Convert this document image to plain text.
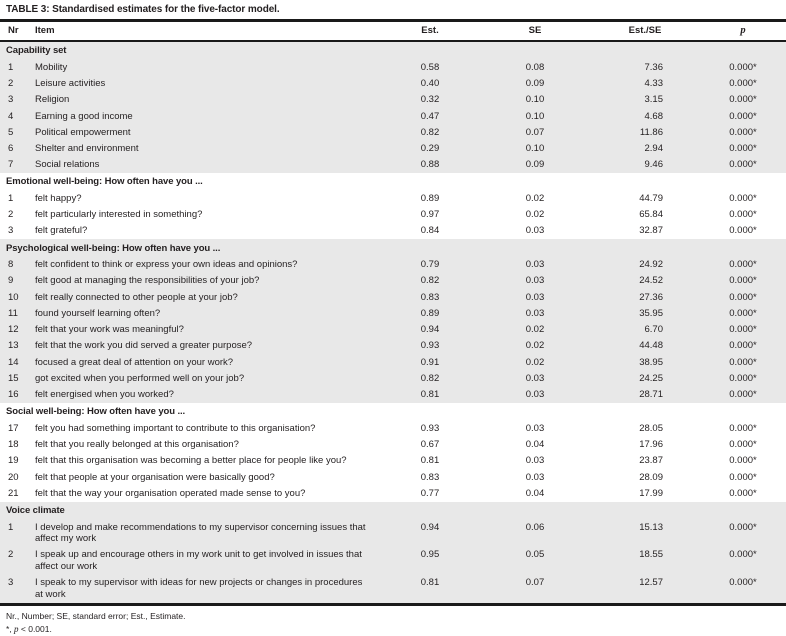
TABLE 3: Standardised estimates for the five-factor model.
Nr	Item	Est.	SE	Est./SE	p
Capability set					
1	Mobility	0.58	0.08	7.36	0.000*
2	Leisure activities	0.40	0.09	4.33	0.000*
3	Religion	0.32	0.10	3.15	0.000*
4	Earning a good income	0.47	0.10	4.68	0.000*
5	Political empowerment	0.82	0.07	11.86	0.000*
6	Shelter and environment	0.29	0.10	2.94	0.000*
7	Social relations	0.88	0.09	9.46	0.000*
Emotional well-being: How often have you ...					
1	felt happy?	0.89	0.02	44.79	0.000*
2	felt particularly interested in something?	0.97	0.02	65.84	0.000*
3	felt grateful?	0.84	0.03	32.87	0.000*
Psychological well-being: How often have you ...					
8	felt confident to think or express your own ideas and opinions?	0.79	0.03	24.92	0.000*
9	felt good at managing the responsibilities of your job?	0.82	0.03	24.52	0.000*
10	felt really connected to other people at your job?	0.83	0.03	27.36	0.000*
11	found yourself learning often?	0.89	0.03	35.95	0.000*
12	felt that your work was meaningful?	0.94	0.02	6.70	0.000*
13	felt that the work you did served a greater purpose?	0.93	0.02	44.48	0.000*
14	focused a great deal of attention on your work?	0.91	0.02	38.95	0.000*
15	got excited when you performed well on your job?	0.82	0.03	24.25	0.000*
16	felt energised when you worked?	0.81	0.03	28.71	0.000*
Social well-being: How often have you ...					
17	felt you had something important to contribute to this organisation?	0.93	0.03	28.05	0.000*
18	felt that you really belonged at this organisation?	0.67	0.04	17.96	0.000*
19	felt that this organisation was becoming a better place for people like you?	0.81	0.03	23.87	0.000*
20	felt that people at your organisation were basically good?	0.83	0.03	28.09	0.000*
21	felt that the way your organisation operated made sense to you?	0.77	0.04	17.99	0.000*
Voice climate					
1	I develop and make recommendations to my supervisor concerning issues that affect my work	0.94	0.06	15.13	0.000*
2	I speak up and encourage others in my work unit to get involved in issues that affect our work	0.95	0.05	18.55	0.000*
3	I speak to my supervisor with ideas for new projects or changes in procedures at work	0.81	0.07	12.57	0.000*
Nr., Number; SE, standard error; Est., Estimate.
*, p < 0.001.
